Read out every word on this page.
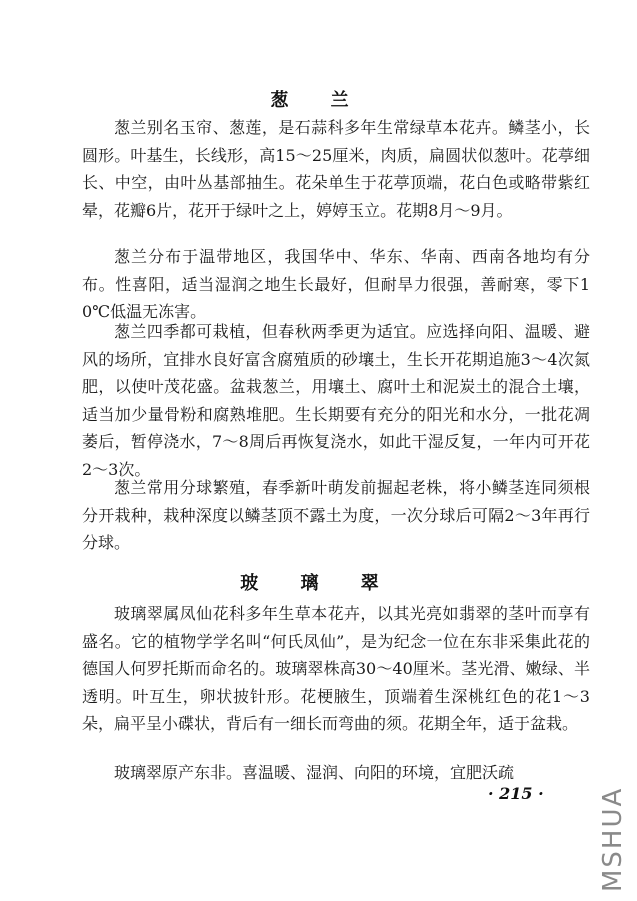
葱 兰

葱兰别名玉帘、葱莲，是石蒜科多年生常绿草本花卉。鳞茎小，长圆形。叶基生，长线形，高15～25厘米，肉质，扁圆状似葱叶。花葶细长、中空，由叶丛基部抽生。花朵单生于花葶顶端，花白色或略带紫红晕，花瓣6片，花开于绿叶之上，婷婷玉立。花期8月～9月。

葱兰分布于温带地区，我国华中、华东、华南、西南各地均有分布。性喜阳，适当湿润之地生长最好，但耐旱力很强，善耐寒，零下10℃低温无冻害。

葱兰四季都可栽植，但春秋两季更为适宜。应选择向阳、温暖、避风的场所，宜排水良好富含腐殖质的砂壤土，生长开花期追施3～4次氮肥，以使叶茂花盛。盆栽葱兰，用壤土、腐叶土和泥炭土的混合土壤，适当加少量骨粉和腐熟堆肥。生长期要有充分的阳光和水分，一批花凋萎后，暂停浇水，7～8周后再恢复浇水，如此干湿反复，一年内可开花2～3次。

葱兰常用分球繁殖，春季新叶萌发前掘起老株，将小鳞茎连同须根分开栽种，栽种深度以鳞茎顶不露土为度，一次分球后可隔2～3年再行分球。

玻 璃 翠

玻璃翠属凤仙花科多年生草本花卉，以其光亮如翡翠的茎叶而享有盛名。它的植物学学名叫“何氏凤仙”，是为纪念一位在东非采集此花的德国人何罗托斯而命名的。玻璃翠株高30～40厘米。茎光滑、嫩绿、半透明。叶互生，卵状披针形。花梗腋生，顶端着生深桃红色的花1～3朵，扁平呈小碟状，背后有一细长而弯曲的须。花期全年，适于盆栽。

玻璃翠原产东非。喜温暖、湿润、向阳的环境，宜肥沃疏

· 215 · MSHUA
